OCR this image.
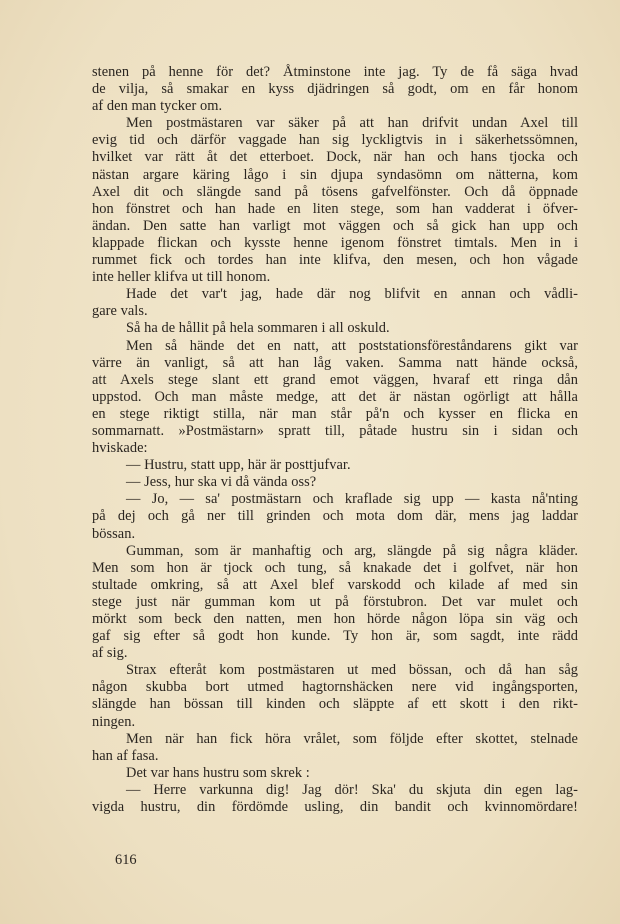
stenen på henne för det? Åtminstone inte jag. Ty de få säga hvad
de vilja, så smakar en kyss djädringen så godt, om en får honom
af den man tycker om.
Men postmästaren var säker på att han drifvit undan Axel till
evig tid och därför vaggade han sig lyckligtvis in i säkerhetssömnen,
hvilket var rätt åt det etterboet. Dock, när han och hans tjocka och
nästan argare käring lågo i sin djupa syndasömn om nätterna, kom
Axel dit och slängde sand på tösens gafvelfönster. Och då öppnade
hon fönstret och han hade en liten stege, som han vadderat i öfver-
ändan. Den satte han varligt mot väggen och så gick han upp och
klappade flickan och kysste henne igenom fönstret timtals. Men in i
rummet fick och tordes han inte klifva, den mesen, och hon vågade
inte heller klifva ut till honom.
Hade det var't jag, hade där nog blifvit en annan och vådli-
gare vals.
Så ha de hållit på hela sommaren i all oskuld.
Men så hände det en natt, att poststationsföreståndarens gikt var
värre än vanligt, så att han låg vaken. Samma natt hände också,
att Axels stege slant ett grand emot väggen, hvaraf ett ringa dån
uppstod. Och man måste medge, att det är nästan ogörligt att hålla
en stege riktigt stilla, när man står på'n och kysser en flicka en
sommarnatt. »Postmästarn» spratt till, påtade hustru sin i sidan och
hviskade:
— Hustru, statt upp, här är posttjufvar.
— Jess, hur ska vi då vända oss?
— Jo, — sa' postmästarn och kraflade sig upp — kasta nå'nting
på dej och gå ner till grinden och mota dom där, mens jag laddar
bössan.
Gumman, som är manhaftig och arg, slängde på sig några kläder.
Men som hon är tjock och tung, så knakade det i golfvet, när hon
stultade omkring, så att Axel blef varskodd och kilade af med sin
stege just när gumman kom ut på förstubron. Det var mulet och
mörkt som beck den natten, men hon hörde någon löpa sin väg och
gaf sig efter så godt hon kunde. Ty hon är, som sagdt, inte rädd
af sig.
Strax efteråt kom postmästaren ut med bössan, och då han såg
någon skubba bort utmed hagtornshäcken nere vid ingångsporten,
slängde han bössan till kinden och släppte af ett skott i den rikt-
ningen.
Men när han fick höra vrålet, som följde efter skottet, stelnade
han af fasa.
Det var hans hustru som skrek :
— Herre varkunna dig! Jag dör! Ska' du skjuta din egen lag-
vigda hustru, din fördömde usling, din bandit och kvinnomördare!
616
